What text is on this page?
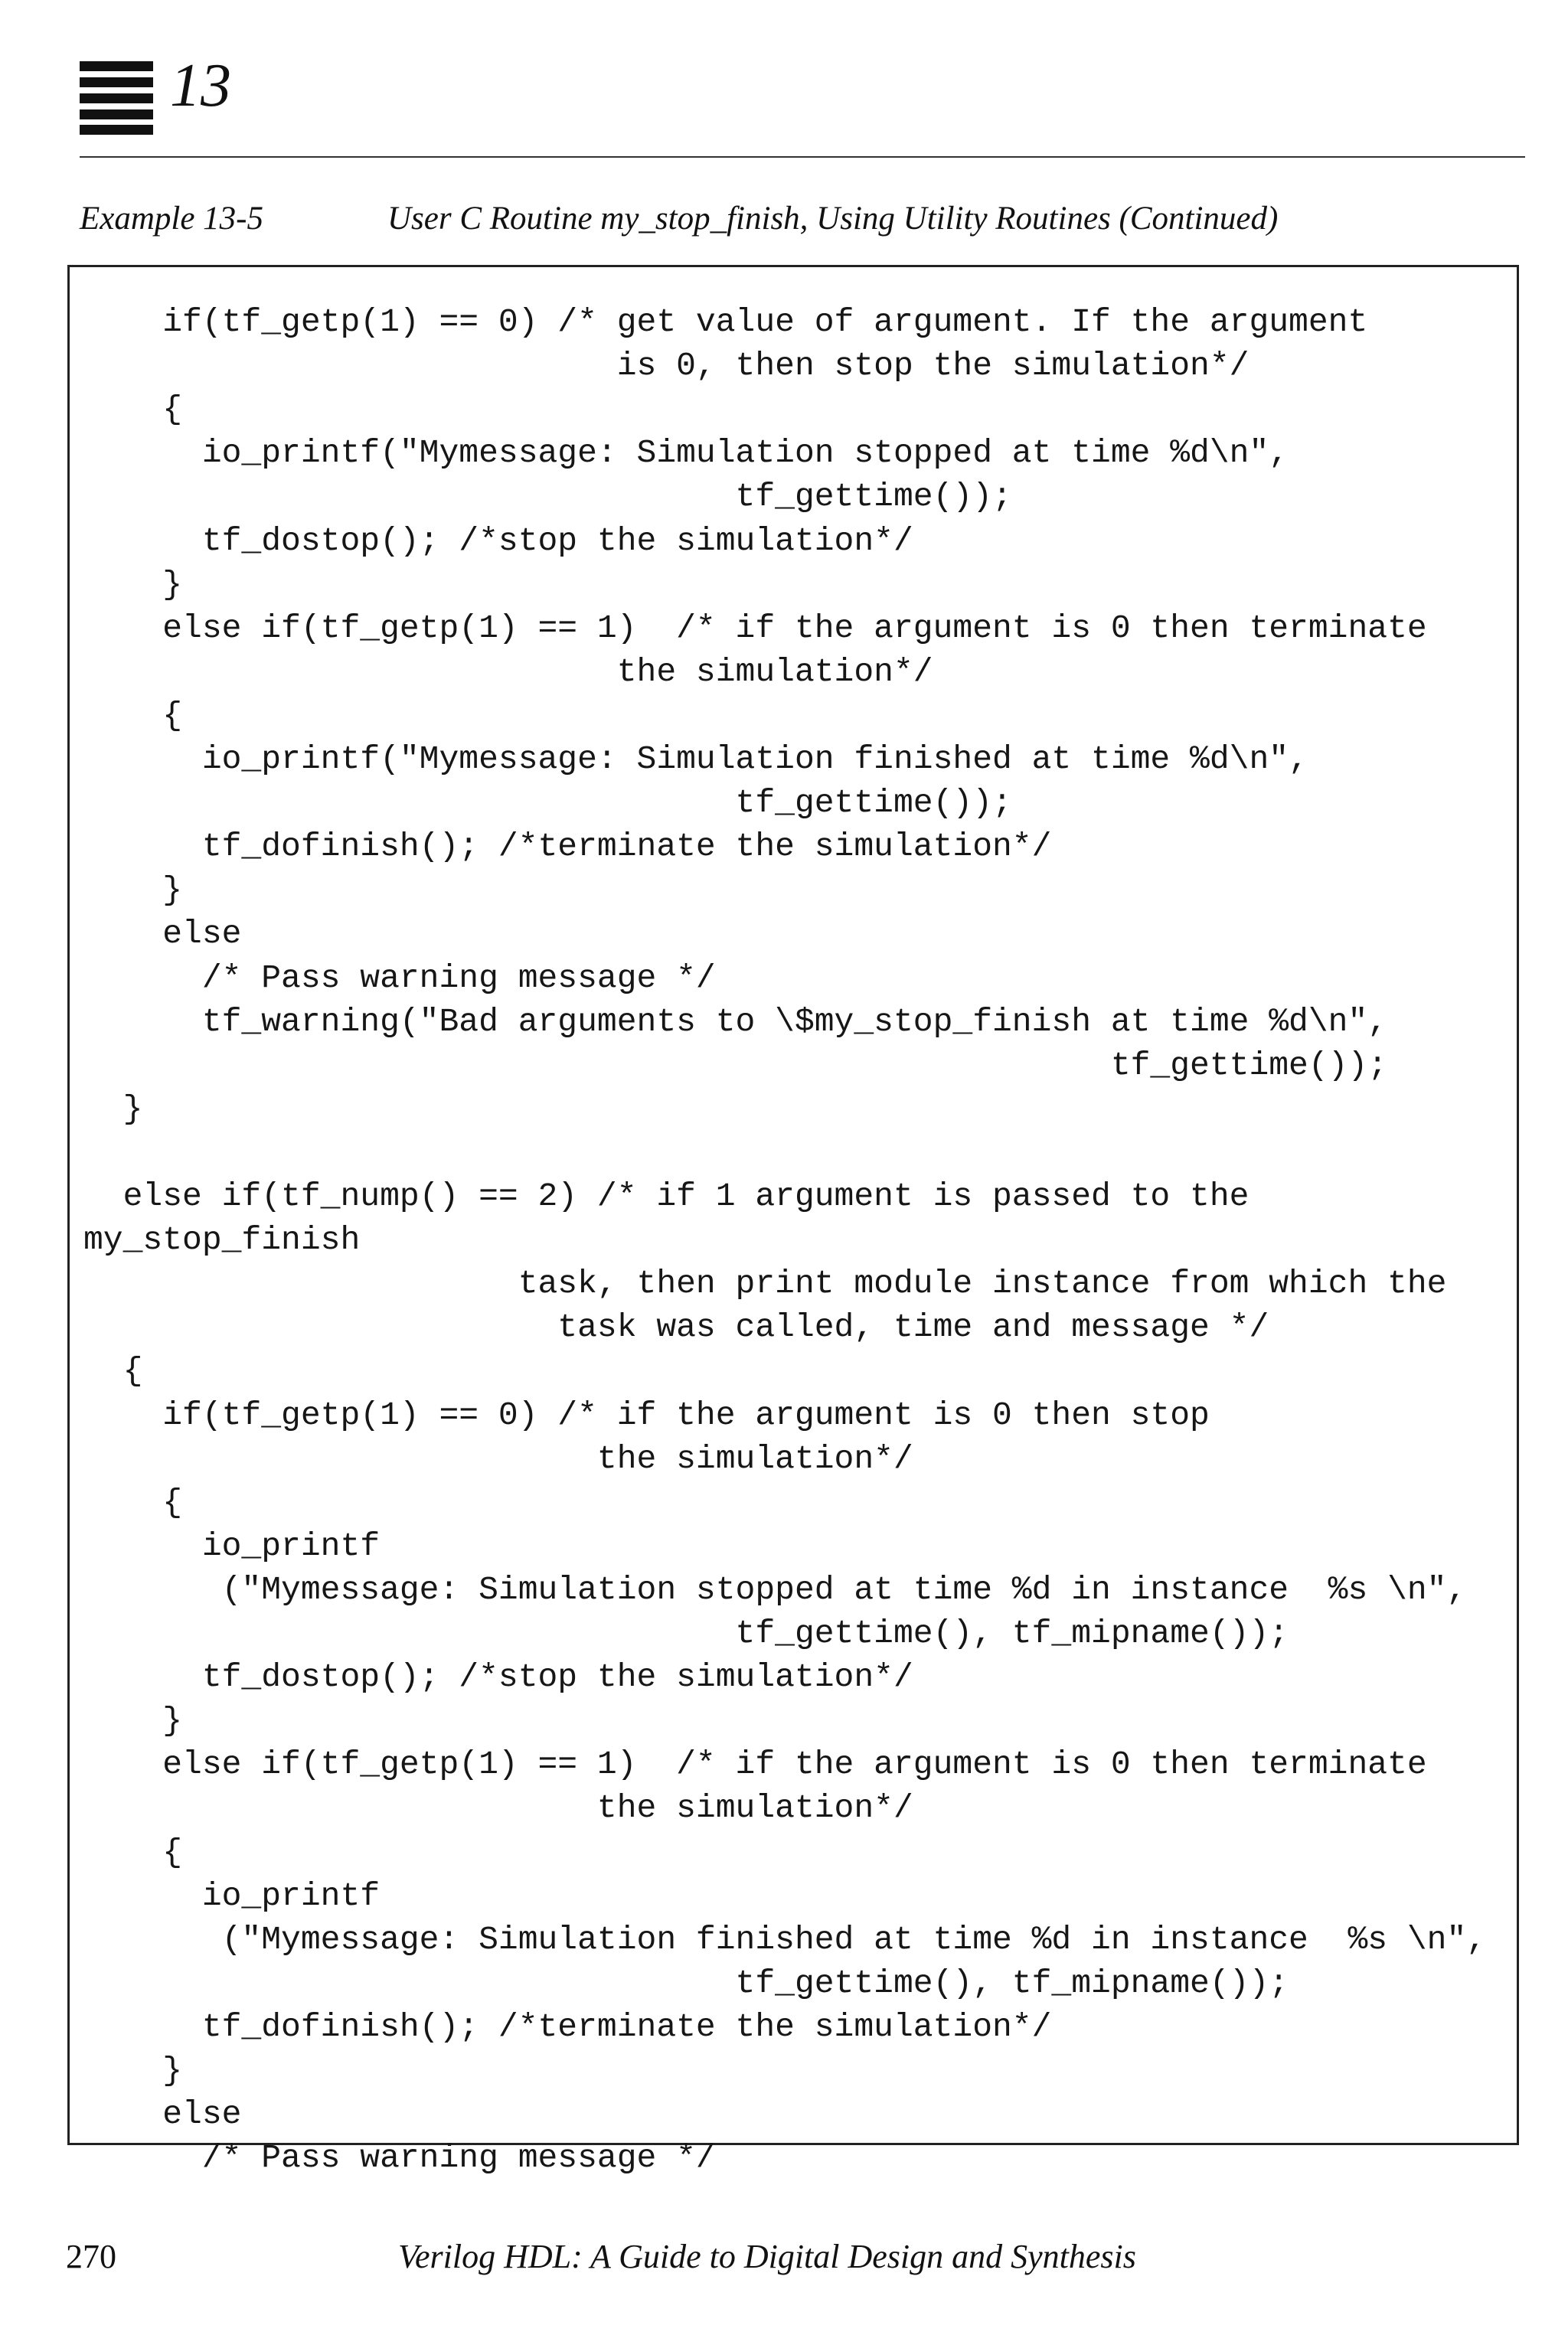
13
Example 13-5	User C Routine my_stop_finish, Using Utility Routines (Continued)
if(tf_getp(1) == 0) /* get value of argument. If the argument
is 0, then stop the simulation*/
{
io_printf("Mymessage: Simulation stopped at time %d\n",
tf_gettime());
tf_dostop(); /*stop the simulation*/
}
else if(tf_getp(1) == 1)  /* if the argument is 0 then terminate
the simulation*/
{
io_printf("Mymessage: Simulation finished at time %d\n",
tf_gettime());
tf_dofinish(); /*terminate the simulation*/
}
else
/* Pass warning message */
tf_warning("Bad arguments to \$my_stop_finish at time %d\n",
tf_gettime());
}
else if(tf_nump() == 2) /* if 1 argument is passed to the
my_stop_finish
task, then print module instance from which the
task was called, time and message */
{
if(tf_getp(1) == 0) /* if the argument is 0 then stop
the simulation*/
{
io_printf
("Mymessage: Simulation stopped at time %d in instance  %s \n",
tf_gettime(), tf_mipname());
tf_dostop(); /*stop the simulation*/
}
else if(tf_getp(1) == 1)  /* if the argument is 0 then terminate
the simulation*/
{
io_printf
("Mymessage: Simulation finished at time %d in instance  %s \n",
tf_gettime(), tf_mipname());
tf_dofinish(); /*terminate the simulation*/
}
else
/* Pass warning message */
270	Verilog HDL: A Guide to Digital Design and Synthesis
